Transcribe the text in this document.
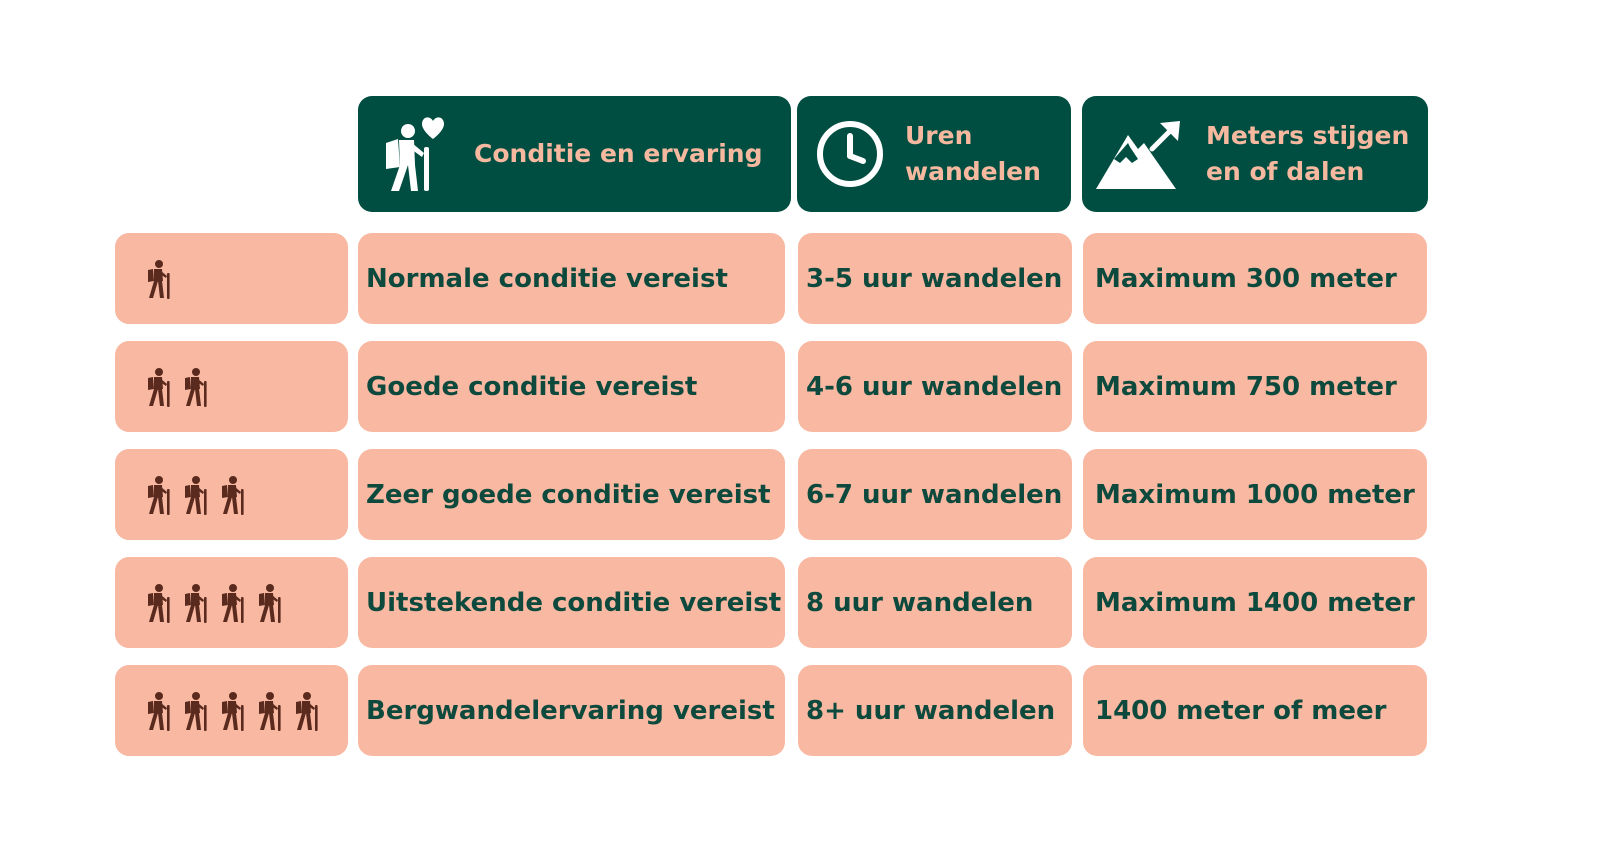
Conditie en ervaring
Uren
wandelen
Meters stijgen
en of dalen
Normale conditie vereist	3-5 uur wandelen Maximum 300 meter
Goede conditie vereist	4-6 uur wandelen Maximum 750 meter
Zeer goede conditie vereist 6-7 uur wandelen Maximum 1000 meter
Uitstekende conditie vereist 8 uur wandelen Maximum 1400 meter
Bergwandelervaring vereist 8+ uur wandelen 1400 meter of meer
